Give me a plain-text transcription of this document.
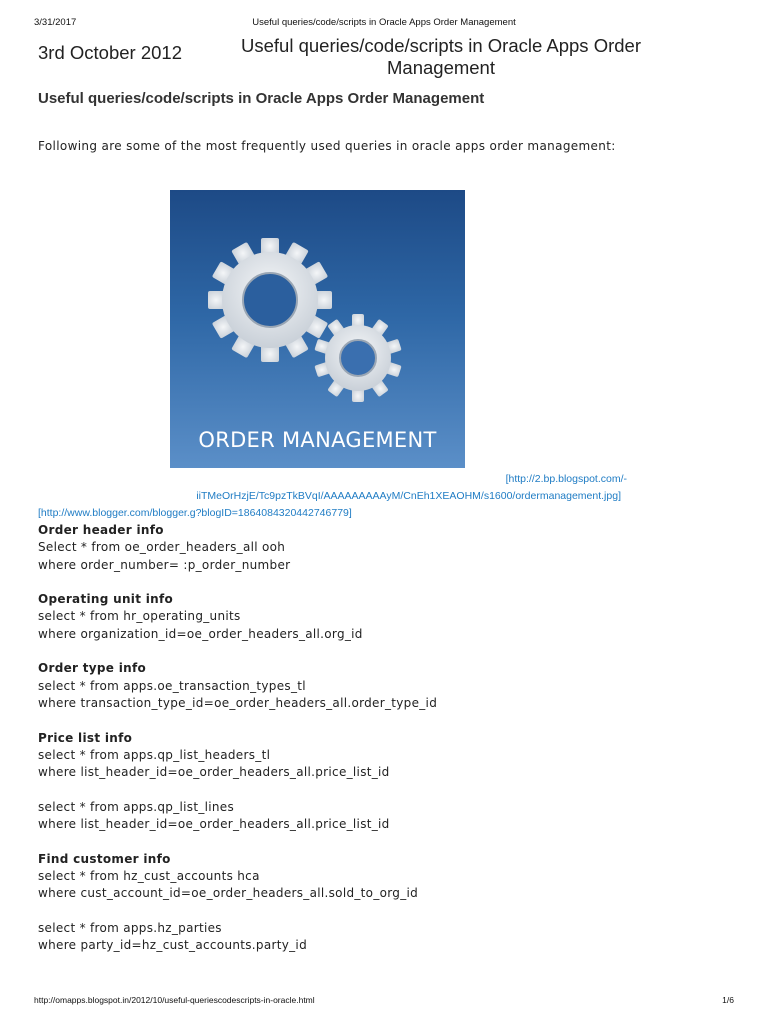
3/31/2017	Useful queries/code/scripts in Oracle Apps Order Management
3rd October 2012	Useful queries/code/scripts in Oracle Apps Order Management
Useful queries/code/scripts in Oracle Apps Order Management
Following are some of the most frequently used queries in oracle apps order management:
ORDER MANAGEMENT
[http://2.bp.blogspot.com/-
iiTMeOrHzjE/Tc9pzTkBVqI/AAAAAAAAAyM/CnEh1XEAOHM/s1600/ordermanagement.jpg]
[http://www.blogger.com/blogger.g?blogID=1864084320442746779]
Order header info
Select * from oe_order_headers_all ooh
where order_number= :p_order_number
Operating unit info
select * from hr_operating_units
where organization_id=oe_order_headers_all.org_id
Order type info
select * from apps.oe_transaction_types_tl
where transaction_type_id=oe_order_headers_all.order_type_id
Price list info
select * from apps.qp_list_headers_tl
where list_header_id=oe_order_headers_all.price_list_id
select * from apps.qp_list_lines
where list_header_id=oe_order_headers_all.price_list_id
Find customer info
select * from hz_cust_accounts hca
where cust_account_id=oe_order_headers_all.sold_to_org_id
select * from apps.hz_parties
where party_id=hz_cust_accounts.party_id
http://omapps.blogspot.in/2012/10/useful-queriescodescripts-in-oracle.html	1/6
